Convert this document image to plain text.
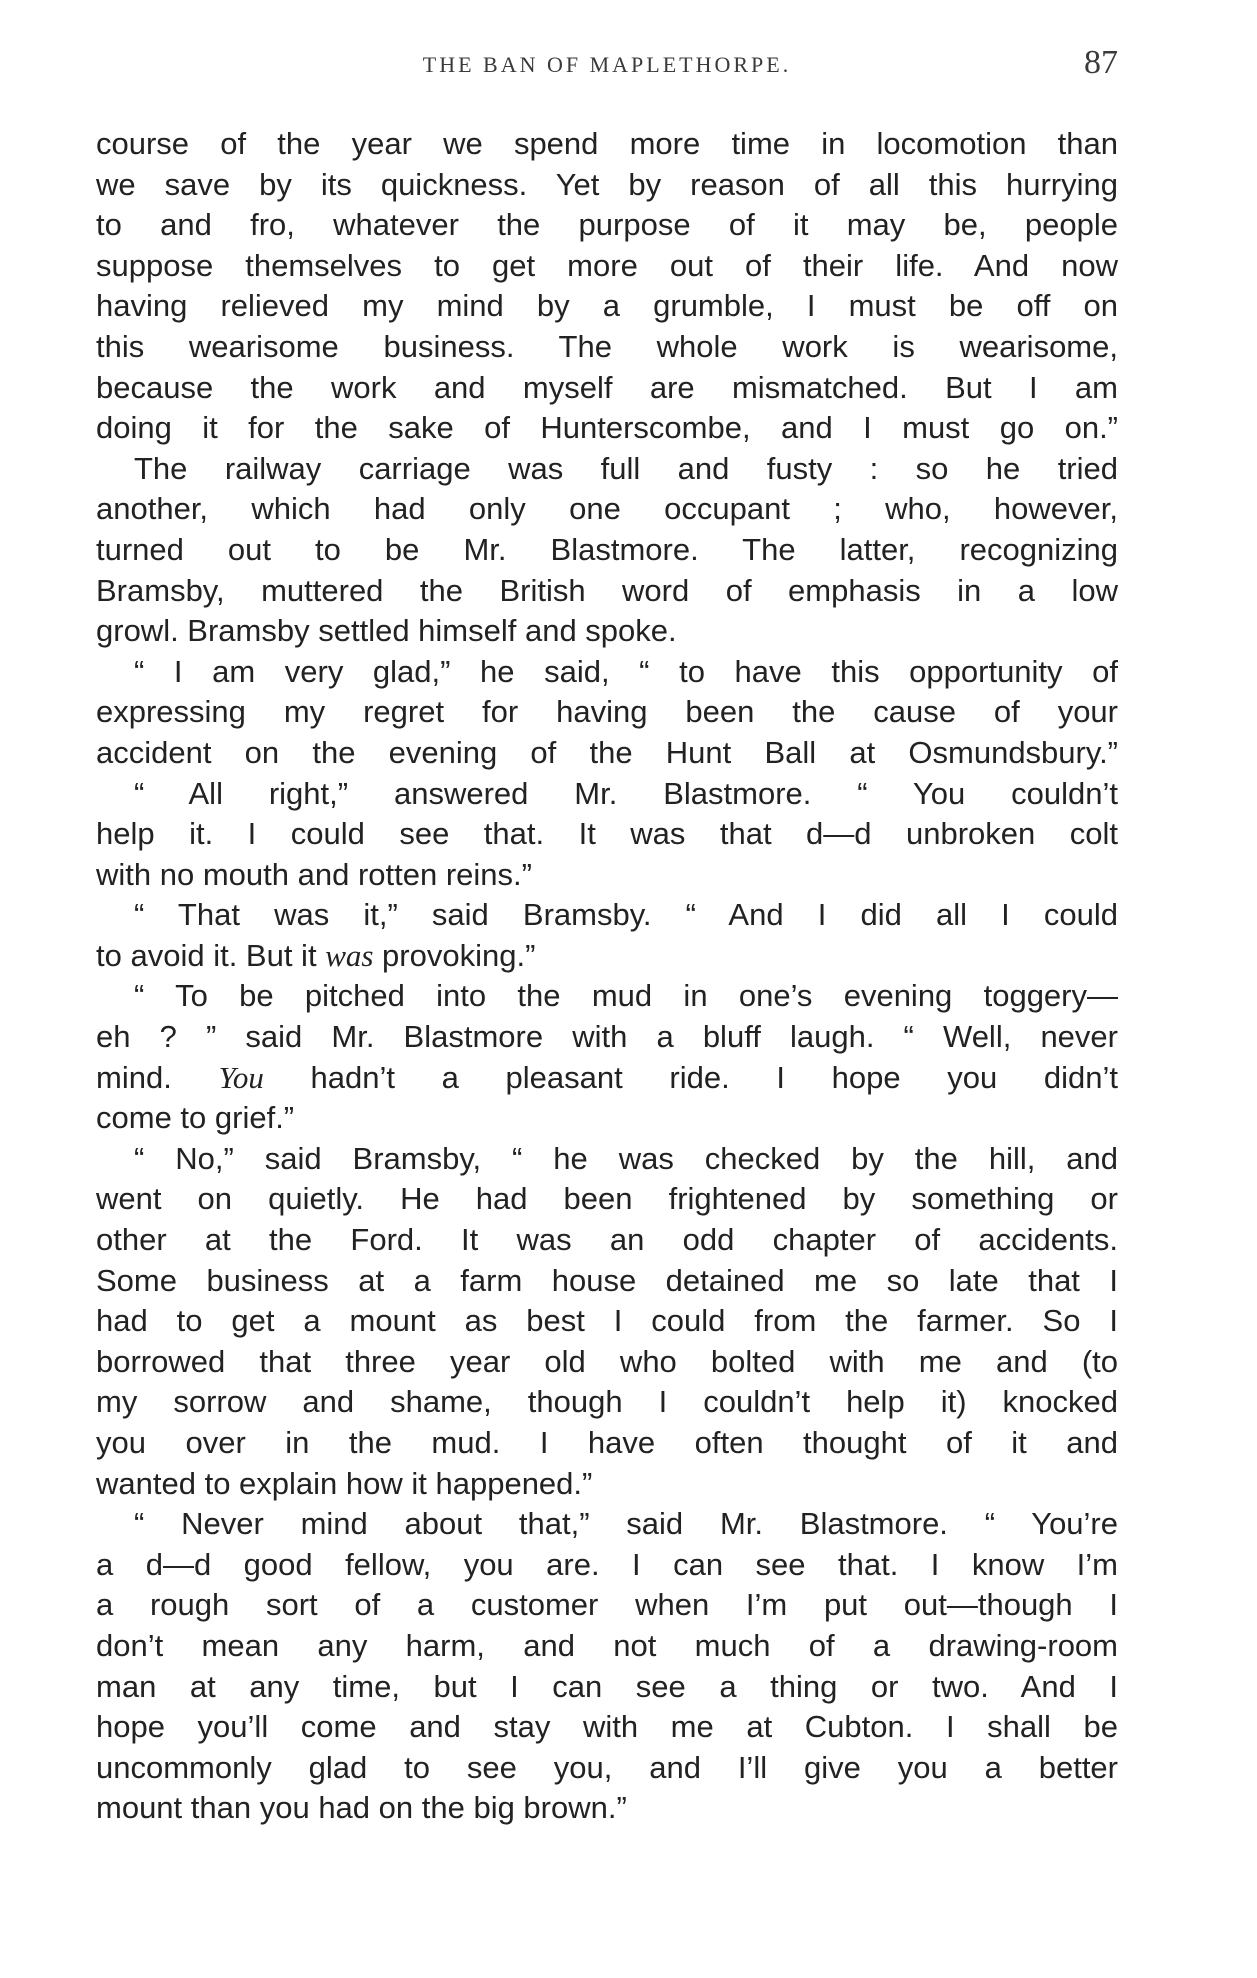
THE BAN OF MAPLETHORPE.	87
course of the year we spend more time in locomotion than
we save by its quickness. Yet by reason of all this hurrying
to and fro, whatever the purpose of it may be, people
suppose themselves to get more out of their life. And now
having relieved my mind by a grumble, I must be off on
this wearisome business. The whole work is wearisome,
because the work and myself are mismatched. But I am
doing it for the sake of Hunterscombe, and I must go on.”
The railway carriage was full and fusty : so he tried
another, which had only one occupant ; who, however,
turned out to be Mr. Blastmore. The latter, recognizing
Bramsby, muttered the British word of emphasis in a low
growl. Bramsby settled himself and spoke.
“ I am very glad,” he said, “ to have this opportunity of
expressing my regret for having been the cause of your
accident on the evening of the Hunt Ball at Osmundsbury.”
“ All right,” answered Mr. Blastmore. “ You couldn’t
help it. I could see that. It was that d—d unbroken colt
with no mouth and rotten reins.”
“ That was it,” said Bramsby. “ And I did all I could
to avoid it. But it was provoking.”
“ To be pitched into the mud in one’s evening toggery—
eh ? ” said Mr. Blastmore with a bluff laugh. “ Well, never
mind. You hadn’t a pleasant ride. I hope you didn’t
come to grief.”
“ No,” said Bramsby, “ he was checked by the hill, and
went on quietly. He had been frightened by something or
other at the Ford. It was an odd chapter of accidents.
Some business at a farm house detained me so late that I
had to get a mount as best I could from the farmer. So I
borrowed that three year old who bolted with me and (to
my sorrow and shame, though I couldn’t help it) knocked
you over in the mud. I have often thought of it and
wanted to explain how it happened.”
“ Never mind about that,” said Mr. Blastmore. “ You’re
a d—d good fellow, you are. I can see that. I know I’m
a rough sort of a customer when I’m put out—though I
don’t mean any harm, and not much of a drawing-room
man at any time, but I can see a thing or two. And I
hope you’ll come and stay with me at Cubton. I shall be
uncommonly glad to see you, and I’ll give you a better
mount than you had on the big brown.”
